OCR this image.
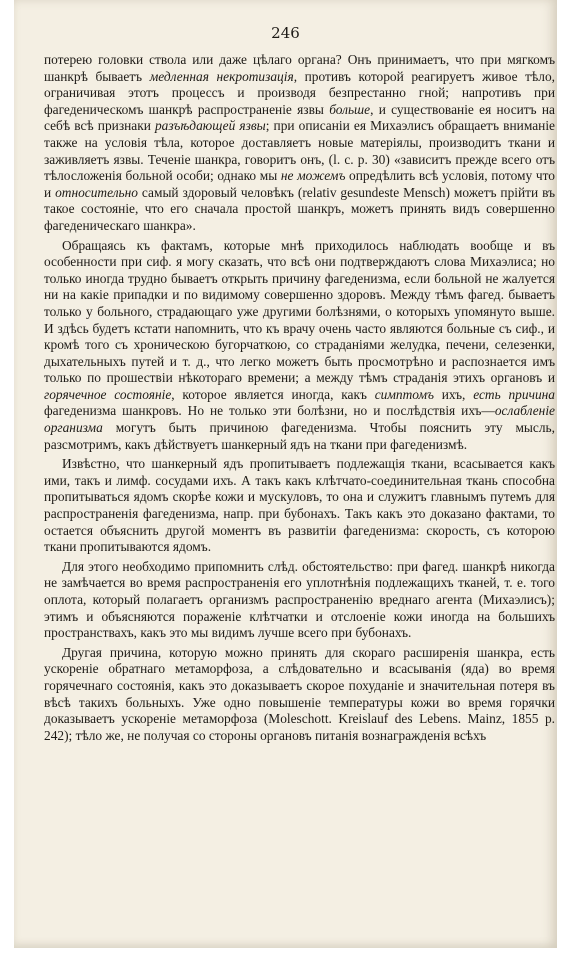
246

потерею головки ствола или даже цѣлаго органа? Онъ принимаетъ, что при мягкомъ шанкрѣ бываетъ медленная некротизація, противъ которой реагируетъ живое тѣло, ограничивая этотъ процессъ и производя безпрестанно гной; напротивъ при фагеденическомъ шанкрѣ распространеніе язвы больше, и существованіе ея носитъ на себѣ всѣ признаки разъѣдающей язвы; при описаніи ея Михаэлисъ обращаетъ вниманіе также на условія тѣла, которое доставляетъ новые матеріялы, производитъ ткани и заживляетъ язвы. Теченіе шанкра, говоритъ онъ, (l. c. p. 30) «зависитъ прежде всего отъ тѣлосложенія больной особи; однако мы не можемъ опредѣлить всѣ условія, потому что и относительно самый здоровый человѣкъ (relativ gesundeste Mensch) можетъ прійти въ такое состояніе, что его сначала простой шанкръ, можетъ принять видъ совершенно фагеденическаго шанкра».

Обращаясь къ фактамъ, которые мнѣ приходилось наблюдать вообще и въ особенности при сиф. я могу сказать, что всѣ они подтверждаютъ слова Михаэлиса; но только иногда трудно бываетъ открыть причину фагеденизма, если больной не жалуется ни на какіе припадки и по видимому совершенно здоровъ. Между тѣмъ фагед. бываетъ только у больного, страдающаго уже другими болѣзнями, о которыхъ упомянуто выше. И здѣсь будетъ кстати напомнить, что къ врачу очень часто являются больные съ сиф., и кромѣ того съ хроническою бугорчаткою, со страданіями желудка, печени, селезенки, дыхательныхъ путей и т. д., что легко можетъ быть просмотрѣно и распознается имъ только по прошествіи нѣкотораго времени; а между тѣмъ страданія этихъ органовъ и горячечное состояніе, которое является иногда, какъ симптомъ ихъ, есть причина фагеденизма шанкровъ. Но не только эти болѣзни, но и послѣдствія ихъ—ослабленіе организма могутъ быть причиною фагеденизма. Чтобы пояснить эту мысль, разсмотримъ, какъ дѣйствуетъ шанкерный ядъ на ткани при фагеденизмѣ.

Извѣстно, что шанкерный ядъ пропитываетъ подлежащія ткани, всасывается какъ ими, такъ и лимф. сосудами ихъ. А такъ какъ клѣтчато-соединительная ткань способна пропитываться ядомъ скорѣе кожи и мускуловъ, то она и служитъ главнымъ путемъ для распространенія фагеденизма, напр. при бубонахъ. Такъ какъ это доказано фактами, то остается объяснить другой моментъ въ развитіи фагеденизма: скорость, съ которою ткани пропитываются ядомъ.

Для этого необходимо припомнить слѣд. обстоятельство: при фагед. шанкрѣ никогда не замѣчается во время распространенія его уплотнѣнія подлежащихъ тканей, т. е. того оплота, который полагаетъ организмъ распространенію вреднаго агента (Михаэлисъ); этимъ и объясняются пораженіе клѣтчатки и отслоеніе кожи иногда на большихъ пространствахъ, какъ это мы видимъ лучше всего при бубонахъ.

Другая причина, которую можно принять для скораго расширенія шанкра, есть ускореніе обратнаго метаморфоза, а слѣдовательно и всасыванія (яда) во время горячечнаго состоянія, какъ это доказываетъ скорое похуданіе и значительная потеря въ вѣсѣ такихъ больныхъ. Уже одно повышеніе температуры кожи во время горячки доказываетъ ускореніе метаморфоза (Moleschott. Kreislauf des Lebens. Mainz, 1855 p. 242); тѣло же, не получая со стороны органовъ питанія вознагражденія всѣхъ
